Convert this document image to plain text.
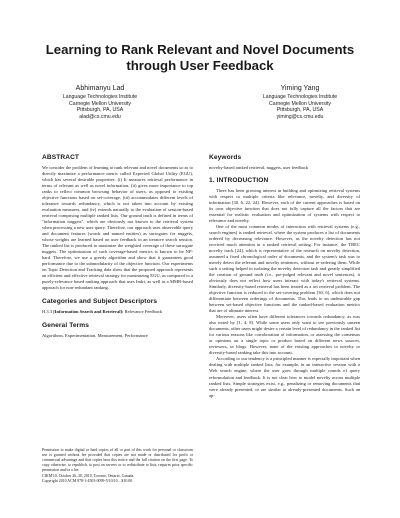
Learning to Rank Relevant and Novel Documents through User Feedback
Abhimanyu Lad
Language Technologies Institute
Carnegie Mellon University
Pittsburgh, PA, USA
alad@cs.cmu.edu
Yiming Yang
Language Technologies Institute
Carnegie Mellon University
Pittsburgh, PA, USA
yiming@cs.cmu.edu
ABSTRACT

We consider the problem of learning to rank relevant and novel documents so as to directly maximize a performance metric called Expected Global Utility (EGU), which has several desirable properties: (i) It measures retrieval performance in terms of relevant as well as novel information, (ii) gives more importance to top ranks to reflect common browsing behavior of users, as opposed to existing objective functions based on set-coverage, (iii) accommodates different levels of tolerance towards redundancy, which is not taken into account by existing evaluation measures, and (iv) extends naturally to the evaluation of session-based retrieval comprising multiple ranked lists. Our ground truth is defined in terms of "information nuggets", which are obviously not known to the retrieval system when processing a new user query. Therefore, our approach uses observable query and document features (words and named entities) as surrogates for nuggets, whose weights are learned based on user feedback in an iterative search session. The ranked list is produced to maximize the weighted coverage of these surrogate nuggets. The optimization of such coverage-based metrics is known to be NP-hard. Therefore, we use a greedy algorithm and show that it guarantees good performance due to the submodularity of the objective function. Our experiments on Topic Detection and Tracking data show that the proposed approach represents an efficient and effective retrieval strategy for maximizing EGU, as compared to a purely-relevance based ranking approach that uses Indri, as well as a MMR-based approach for non-redundant ranking.

Categories and Subject Descriptors

H.3.3 [Information Search and Retrieval]: Relevance Feedback

General Terms

Algorithms, Experimentation, Measurement, Performance

Permission to make digital or hard copies of all or part of this work for personal or classroom use is granted without fee provided that copies are not made or distributed for profit or commercial advantage and that copies bear this notice and the full citation on the first page. To copy otherwise, to republish, to post on servers or to redistribute to lists, requires prior specific permission and/or a fee.
CIKM'10, October 26–30, 2010, Toronto, Ontario, Canada.
Copyright 2010 ACM 978-1-4503-0099-5/10/10 ...$10.00.
Keywords

novelty-based ranked retrieval, nuggets, user feedback

1. INTRODUCTION

There has been growing interest in building and optimizing retrieval systems with respect to multiple criteria like relevance, novelty, and diversity of information [30, 6, 22, 24]. However, each of the current approaches is based on its own objective function that does not fully capture all the factors that are essential for realistic evaluation and optimization of systems with respect to relevance and novelty.

One of the most common modes of interaction with retrieval systems (e.g., search engines) is ranked retrieval, where the system produces a list of documents ordered by decreasing relevance. However, as the novelty detection has not received much attention in a ranked retrieval setting. For instance, the TREC novelty track [24], which is representative of the research on novelty detection, assumed a fixed chronological order of documents, and the system's task was to merely detect the relevant and novelty sentences, without re-ordering them. While such a setting helped in isolating the novelty detection task and greatly simplified the creation of ground truth (i.e., pre-judged relevant and novel sentences), it obviously does not reflect how users interact with today's retrieval systems. Similarly, diversity-based retrieval has been treated as a set retrieval problem. The objective function is reduced to the set-covering problem [30, 6], which does not differentiate between orderings of documents. This leads to an undesirable gap between set-based objective functions and the ranked-based evaluation metrics that are of ultimate interest.

Moreover, users often have different tolerances towards redundancy, as was also noted by [1, 4, 8]. While some users only want to see previously unseen documents, other users might desire a certain level of redundancy in the ranked list for various reasons like corroboration of information, or assessing the consensus or opinions on a single topic or product based on different news sources, reviewers, or blogs. However, none of the existing approaches to novelty or diversity-based ranking take this into account.

According to our tendency is a principled manner is especially important when dealing with multiple ranked lists, for example, in an interactive session with a Web search engine, where the user goes through multiple rounds of query reformulation and feedback. It is not clear how to model novelty across multiple ranked lists. Simple strategies exist, e.g., penalizing or removing documents that were already presented, or are similar to already-presented documents. Such an ap-
